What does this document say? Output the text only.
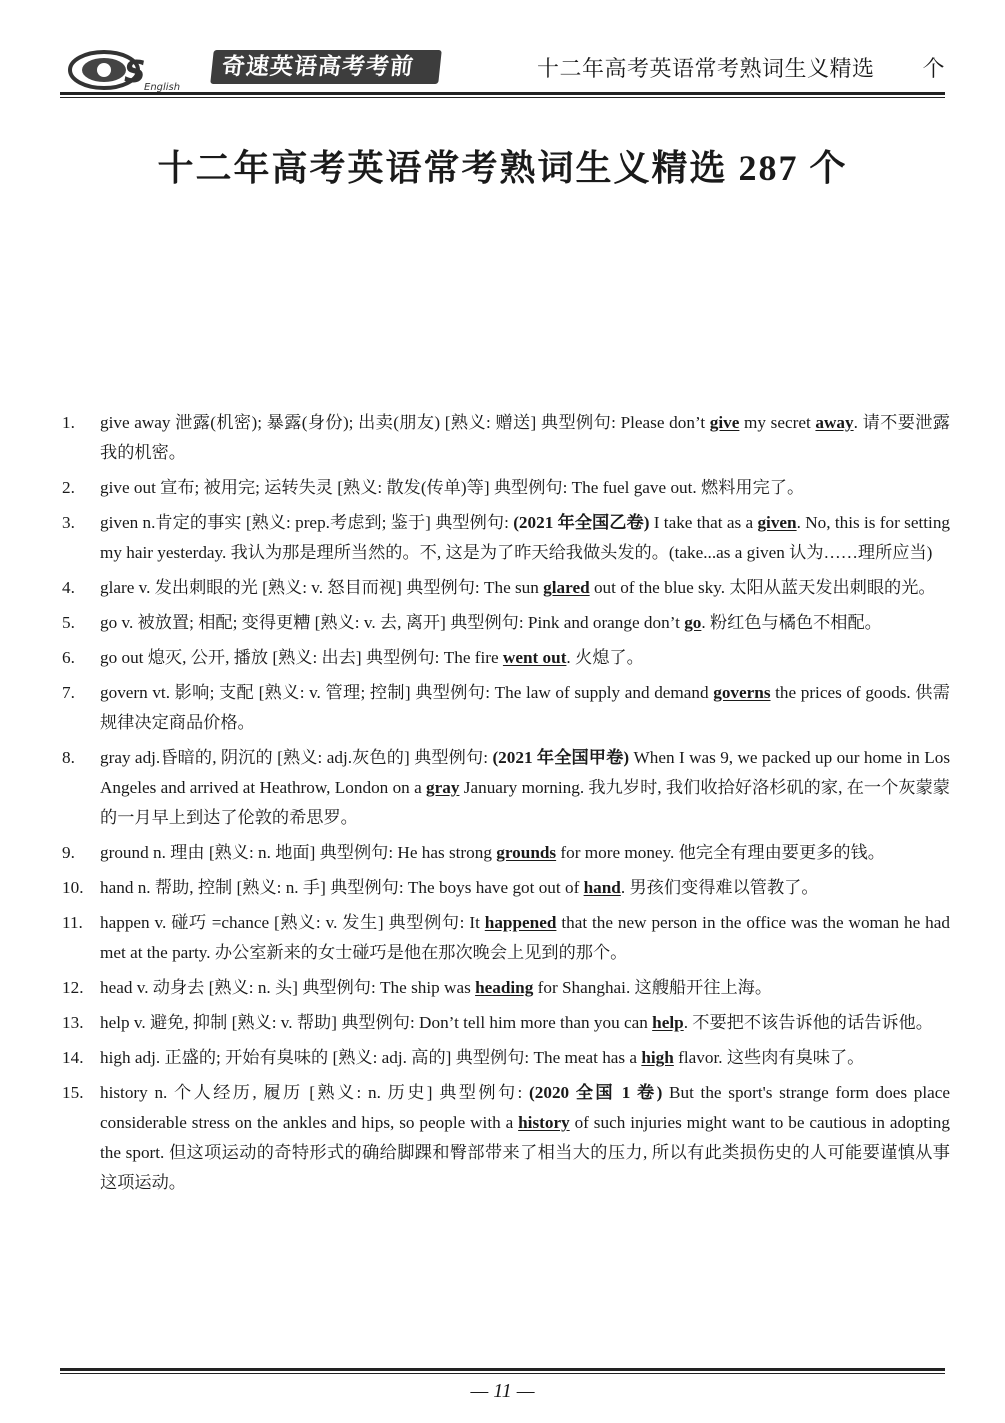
S
English
奇速英语高考考前30天
十二年高考英语常考熟词生义精选 个
十二年高考英语常考熟词生义精选 287 个
1. give away 泄露(机密); 暴露(身份); 出卖(朋友) [熟义: 赠送] 典型例句: Please don’t give my secret away. 请不要泄露我的机密。
2. give out 宣布; 被用完; 运转失灵 [熟义: 散发(传单)等] 典型例句: The fuel gave out. 燃料用完了。
3. given n.肯定的事实 [熟义: prep.考虑到; 鉴于] 典型例句: (2021 年全国乙卷) I take that as a given. No, this is for setting my hair yesterday. 我认为那是理所当然的。不, 这是为了昨天给我做头发的。(take...as a given 认为……理所应当)
4. glare v. 发出刺眼的光 [熟义: v. 怒目而视] 典型例句: The sun glared out of the blue sky. 太阳从蓝天发出刺眼的光。
5. go v. 被放置; 相配; 变得更糟 [熟义: v. 去, 离开] 典型例句: Pink and orange don’t go. 粉红色与橘色不相配。
6. go out 熄灭, 公开, 播放 [熟义: 出去] 典型例句: The fire went out. 火熄了。
7. govern vt. 影响; 支配 [熟义: v. 管理; 控制] 典型例句: The law of supply and demand governs the prices of goods. 供需规律决定商品价格。
8. gray adj.昏暗的, 阴沉的 [熟义: adj.灰色的] 典型例句: (2021 年全国甲卷) When I was 9, we packed up our home in Los Angeles and arrived at Heathrow, London on a gray January morning. 我九岁时, 我们收拾好洛杉矶的家, 在一个灰蒙蒙的一月早上到达了伦敦的希思罗。
9. ground n. 理由 [熟义: n. 地面] 典型例句: He has strong grounds for more money. 他完全有理由要更多的钱。
10. hand n. 帮助, 控制 [熟义: n. 手] 典型例句: The boys have got out of hand. 男孩们变得难以管教了。
11. happen v. 碰巧 =chance [熟义: v. 发生] 典型例句: It happened that the new person in the office was the woman he had met at the party. 办公室新来的女士碰巧是他在那次晚会上见到的那个。
12. head v. 动身去 [熟义: n. 头] 典型例句: The ship was heading for Shanghai. 这艘船开往上海。
13. help v. 避免, 抑制 [熟义: v. 帮助] 典型例句: Don’t tell him more than you can help. 不要把不该告诉他的话告诉他。
14. high adj. 正盛的; 开始有臭味的 [熟义: adj. 高的] 典型例句: The meat has a high flavor. 这些肉有臭味了。
15. history n. 个人经历, 履历 [熟义: n. 历史] 典型例句: (2020 全国 1 卷) But the sport's strange form does place considerable stress on the ankles and hips, so people with a history of such injuries might want to be cautious in adopting the sport. 但这项运动的奇特形式的确给脚踝和臀部带来了相当大的压力, 所以有此类损伤史的人可能要谨慎从事这项运动。
— 11 —
